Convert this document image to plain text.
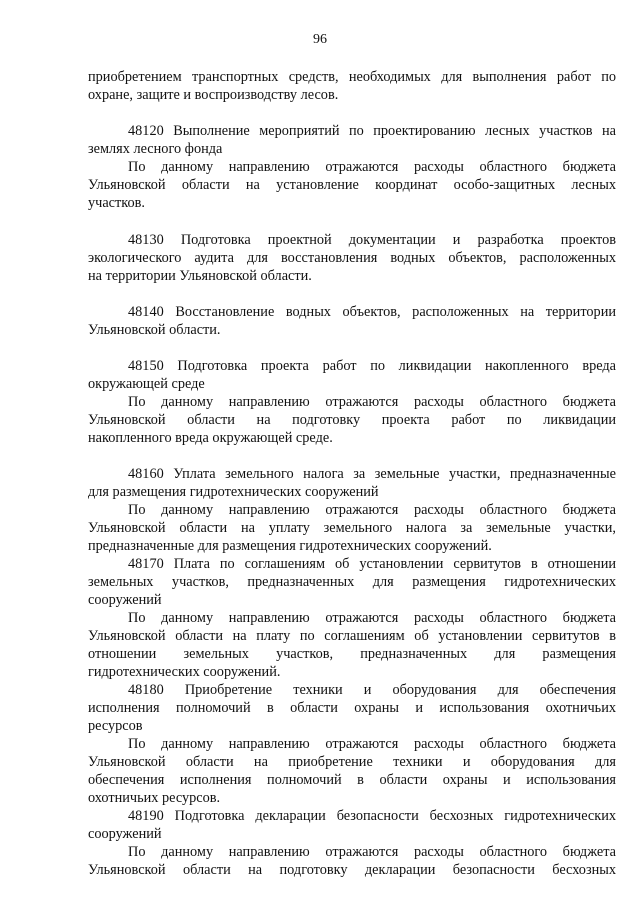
96
приобретением транспортных средств, необходимых для выполнения работ по
охране, защите и воспроизводству лесов.
48120 Выполнение мероприятий по проектированию лесных участков на
землях лесного фонда
По данному направлению отражаются расходы областного бюджета
Ульяновской области на установление координат особо-защитных лесных
участков.
48130 Подготовка проектной документации и разработка проектов
экологического аудита для восстановления водных объектов, расположенных
на территории Ульяновской области.
48140 Восстановление водных объектов, расположенных на территории
Ульяновской области.
48150 Подготовка проекта работ по ликвидации накопленного вреда
окружающей среде
По данному направлению отражаются расходы областного бюджета
Ульяновской области на подготовку проекта работ по ликвидации
накопленного вреда окружающей среде.
48160 Уплата земельного налога за земельные участки, предназначенные
для размещения гидротехнических сооружений
По данному направлению отражаются расходы областного бюджета
Ульяновской области на уплату земельного налога за земельные участки,
предназначенные для размещения гидротехнических сооружений.
48170 Плата по соглашениям об установлении сервитутов в отношении
земельных участков, предназначенных для размещения гидротехнических
сооружений
По данному направлению отражаются расходы областного бюджета
Ульяновской области на плату по соглашениям об установлении сервитутов в
отношении земельных участков, предназначенных для размещения
гидротехнических сооружений.
48180 Приобретение техники и оборудования для обеспечения
исполнения полномочий в области охраны и использования охотничьих
ресурсов
По данному направлению отражаются расходы областного бюджета
Ульяновской области на приобретение техники и оборудования для
обеспечения исполнения полномочий в области охраны и использования
охотничьих ресурсов.
48190 Подготовка декларации безопасности бесхозных гидротехнических
сооружений
По данному направлению отражаются расходы областного бюджета
Ульяновской области на подготовку декларации безопасности бесхозных
